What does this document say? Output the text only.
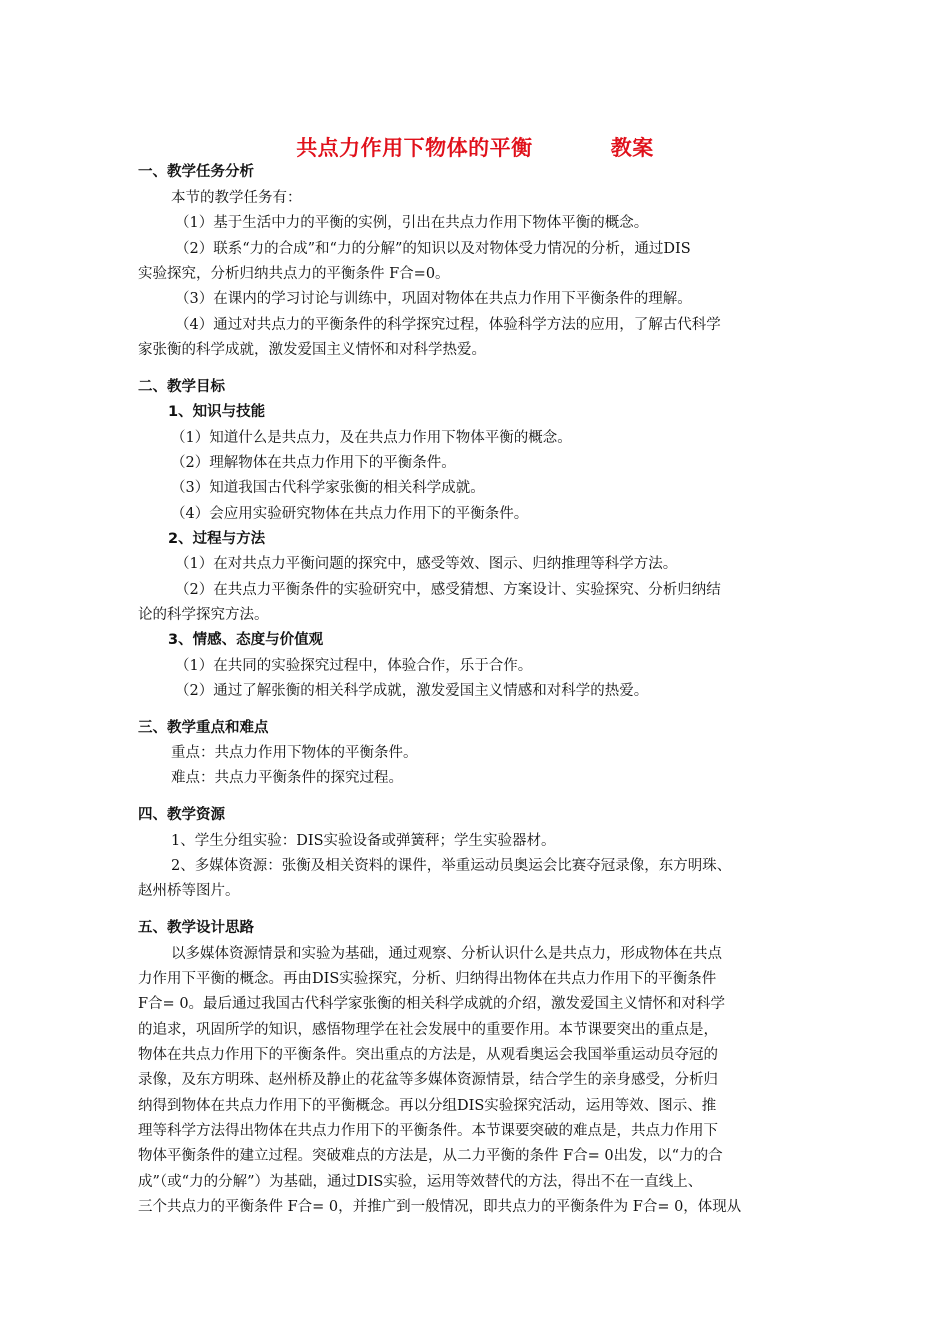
共点力作用下物体的平衡          教案
一、教学任务分析
本节的教学任务有：
（1）基于生活中力的平衡的实例，引出在共点力作用下物体平衡的概念。
（2）联系“力的合成”和“力的分解”的知识以及对物体受力情况的分析，通过DIS
实验探究，分析归纳共点力的平衡条件 F合=0。
（3）在课内的学习讨论与训练中，巩固对物体在共点力作用下平衡条件的理解。
（4）通过对共点力的平衡条件的科学探究过程，体验科学方法的应用，了解古代科学
家张衡的科学成就，激发爱国主义情怀和对科学热爱。
二、教学目标
1、知识与技能
（1）知道什么是共点力，及在共点力作用下物体平衡的概念。
（2）理解物体在共点力作用下的平衡条件。
（3）知道我国古代科学家张衡的相关科学成就。
（4）会应用实验研究物体在共点力作用下的平衡条件。
2、过程与方法
（1）在对共点力平衡问题的探究中，感受等效、图示、归纳推理等科学方法。
（2）在共点力平衡条件的实验研究中，感受猜想、方案设计、实验探究、分析归纳结
论的科学探究方法。
3、情感、态度与价值观
（1）在共同的实验探究过程中，体验合作，乐于合作。
（2）通过了解张衡的相关科学成就，激发爱国主义情感和对科学的热爱。
三、教学重点和难点
重点：共点力作用下物体的平衡条件。
难点：共点力平衡条件的探究过程。
四、教学资源
1、学生分组实验：DIS实验设备或弹簧秤；学生实验器材。
2、多媒体资源：张衡及相关资料的课件，举重运动员奥运会比赛夺冠录像，东方明珠、
赵州桥等图片。
五、教学设计思路
以多媒体资源情景和实验为基础，通过观察、分析认识什么是共点力，形成物体在共点
力作用下平衡的概念。再由DIS实验探究，分析、归纳得出物体在共点力作用下的平衡条件
F合= 0。最后通过我国古代科学家张衡的相关科学成就的介绍，激发爱国主义情怀和对科学
的追求，巩固所学的知识，感悟物理学在社会发展中的重要作用。本节课要突出的重点是，
物体在共点力作用下的平衡条件。突出重点的方法是，从观看奥运会我国举重运动员夺冠的
录像，及东方明珠、赵州桥及静止的花盆等多媒体资源情景，结合学生的亲身感受，分析归
纳得到物体在共点力作用下的平衡概念。再以分组DIS实验探究活动，运用等效、图示、推
理等科学方法得出物体在共点力作用下的平衡条件。本节课要突破的难点是，共点力作用下
物体平衡条件的建立过程。突破难点的方法是，从二力平衡的条件 F合= 0出发，以“力的合
成”（或“力的分解”）为基础，通过DIS实验，运用等效替代的方法，得出不在一直线上、
三个共点力的平衡条件 F合= 0，并推广到一般情况，即共点力的平衡条件为 F合= 0，体现从
